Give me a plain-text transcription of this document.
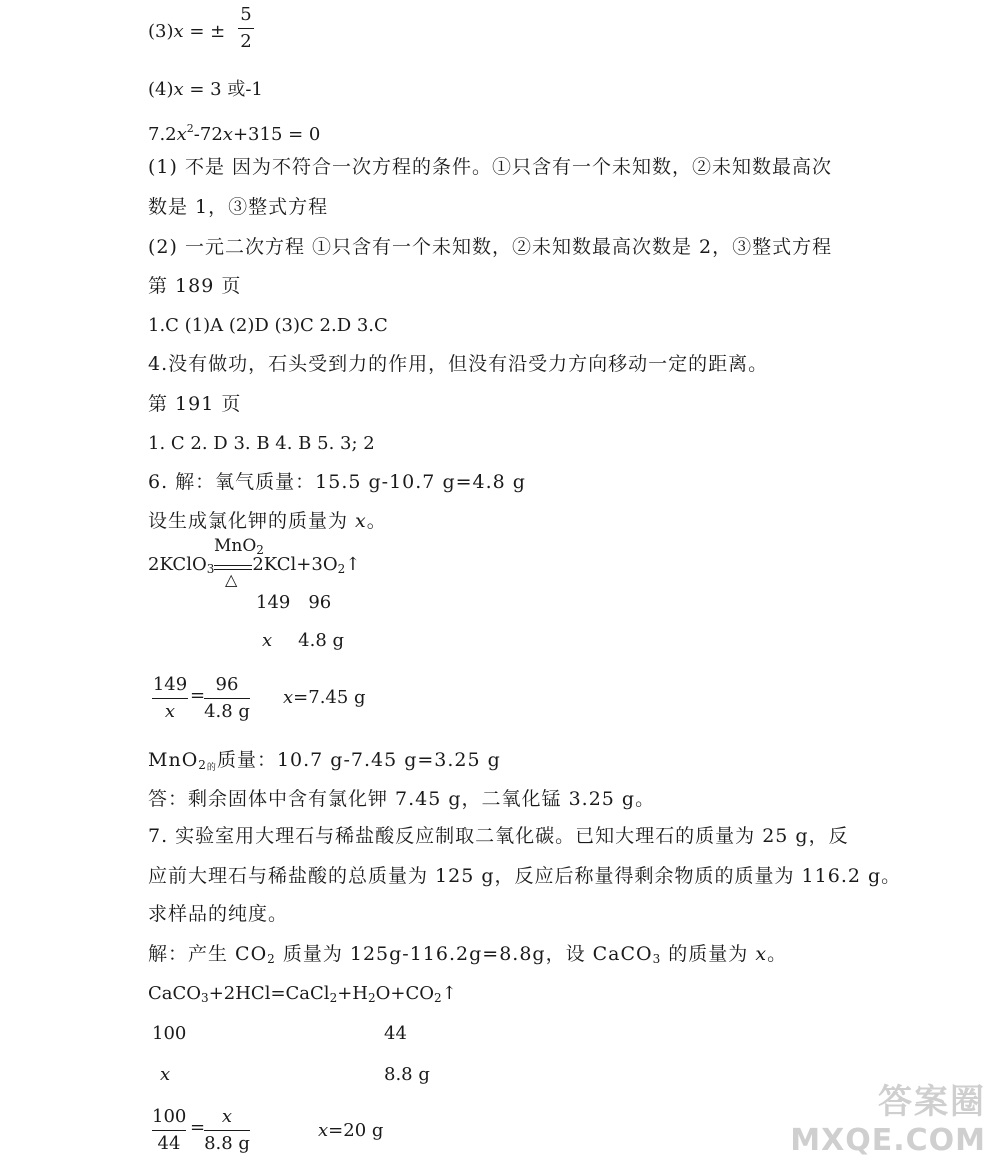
(3)x = ±
5
2
(4)x = 3 或-1
$7.2x^2-72x+315 = 0$
(1) 不是 因为不符合一次方程的条件。①只含有一个未知数，②未知数最高次
数是 1，③整式方程
(2) 一元二次方程 ①只含有一个未知数，②未知数最高次数是 2，③整式方程
第 189 页
1.C (1)A (2)D (3)C 2.D 3.C
4.没有做功，石头受到力的作用，但没有沿受力方向移动一定的距离。
第 191 页
1. C 2. D 3. B 4. B 5. 3; 2
6. 解：氧气质量：15.5 g-10.7 g=4.8 g
设生成氯化钾的质量为 x。
MnO$_2$
2KClO$_3$ $2KCl+3O_2↑$
△
149 96
x 4.8 g
149
x
=
96
4.8 g
x=7.45 g
MnO$_{2的}$质量：10.7 g-7.45 g=3.25 g
答：剩余固体中含有氯化钾 7.45 g，二氧化锰 3.25 g。
7. 实验室用大理石与稀盐酸反应制取二氧化碳。已知大理石的质量为 25 g，反
应前大理石与稀盐酸的总质量为 125 g，反应后称量得剩余物质的质量为 116.2 g。
求样品的纯度。
解：产生 $CO_2$ 质量为 125g-116.2g=8.8g，设 CaCO$_3$ 的质量为 x。
$CaCO_3+2HCl=CaCl_2+H_2O+CO_2↑$
100	44
x	8.8 g
100
44
=
x
8.8 g
x=20 g
答案圈
MXQE.COM
